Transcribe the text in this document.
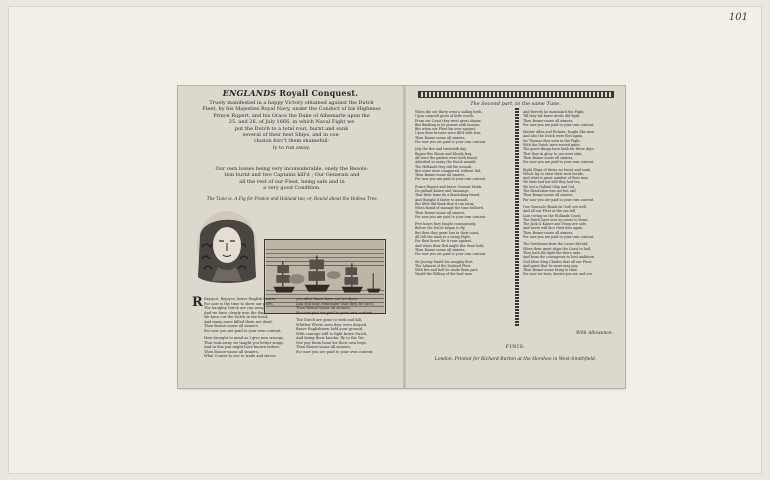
101
ENGLANDS Royall Conquest.
Truely manifested in a happy Victory obtained against the Dutch
Fleet, by his Majesties Royal Navy, under the Conduct of his Highness
Prince Rupert, and his Grace the Duke of Albemarle upon the
25. and 26. of July 1666. in which Naval Fight we
put the Dutch to a total rout, burnt and sunk
several of their best Ships, and in con-
clusion forc't them shamefull-
ly to run away.
Our own losses being very inconsiderable, onely the Resolu-
tion burnt and two Captains kill'd ; Our Generals and
all the rest of our Fleet, being safe and in
a very good Condition.
The Tune is, A Fig for France and Holland too, or, Round about the Hollow Tree.
R Rejoyce, Rejoyce, brave English hearts,

For now is the time to shew our parts,

The haughty Dutch are run away,

And we have clearly won the day,

We have cut the Dutch in the head,

And many more killed them are dead,

Then Bonne-soone all sinners,

For now you are paid to your own content.

How brought to mind as I give now wrongs,

That took away we taught you better songs,

And in this you might have known before,

Then Bonne-soone all sinners,

What Course to see to trade and slaves.

you after times have not we done,

And still may remember that they be such,

Then Bonne-soone all sinners,

For now you are paid to your own content.

The Dutch are gone to seek and kill,

Whither Fleets seen they were despoil,

Brave Englishmen hold your ground,

With courage still to fight brave Dutch,

And being their knocks, fly to the Tor,

Nor pay them bone-for their own boys,

Then Bonne-soone all sinners,

For now you are paid to your own content.

The Second part, to the same Tune.

When the out thirty went a sailing forth,

Upon counsell given of little worth,

From our Coast they went great shame,

But thinking to be pursue with honour,

But when our Fleet his over against,

Upon their breasts were fill'd with fear,

Then Bonne-soone all sinners,

For now you are paid to your own content.

July the five and twentieth day,

Began this Shoon and bloody fray,

All were the pirates were both found,

Admitted so many the Dutch assault,

The Hollands they did the assault,

But some were conquered, without fail,

Then Bonne-soone all sinners,

For now you are paid to your own content.

Prince Rupert and brave General Monk,

Do gallant Kaiser and Vansunge,

That their fame do a flourishing friend,

And thought it faster to assault,

But little did think they'd run away,

When found of manage the time bellowd,

Then Bonne-soone all sinners,

For now you are paid to your own content.

Five hours they fought couragiously,

Before the Dutch begun to fly,

But then they great loss in their coast,

All left the main to a rising Fight,

For then brave Sir it runs against,

And when their fled might flee their hold,

Then Bonne-soone all sinners,

For now you are paid to your own content.

Sir Jeremy Smith his naughty fleet,

The Admiral of the Zealand Fleet,

With fire and bolt he made them part,

Would the Willing of the lead men.

And fiercely he maintain'd the Fight,

Till they his brave deeds did fight,

Then Bonne-soone all sinners,

For now you are paid to your own content.

Master Allen and Holmes, fought like men,

And also the Dutch were fled again,

Sir Thomas they seen in the Fight,

With the Dutch were routed quite,

The grave things have faith for these days,

That they in glory to sea were take,

Then Bonne-soone all sinners,

For now you are paid to your own content.

Eight Ships of theirs we burnt and sunk,

Which lay to shew their suck betide,

And what is great number of their men

We then had not still they had ten,

We lost a Gallant Ship and Gal,

The Resolution was not but sail,

Then Bonne-soone all sinners,

For now you are paid to your own content.

Our Generals (thank be God) are well,

And all our Fleet at the sea tell,

Lion roving on the Hollands Coast,

The Dutch have now no cause to boast,

The Jack & Kaiser and Troop are safe,

And never will face their foes again,

Then Bonne-soone all sinners,

For now you are paid to your own content.

The Dutchmen from the Cause did sail,

When their great ships the Coast to hail,

They hath the fight the shore sake,

And from the courageous to best ambition,

God bless King Charles that all our Fleet,

And grant that he more may pay,

Then Bonne-soone bring to time,

For now we have, known you are and ove.

With Allowance.
FINIS.
London, Printed for Richard Burton at the Horshoo in West-Smithfield.
